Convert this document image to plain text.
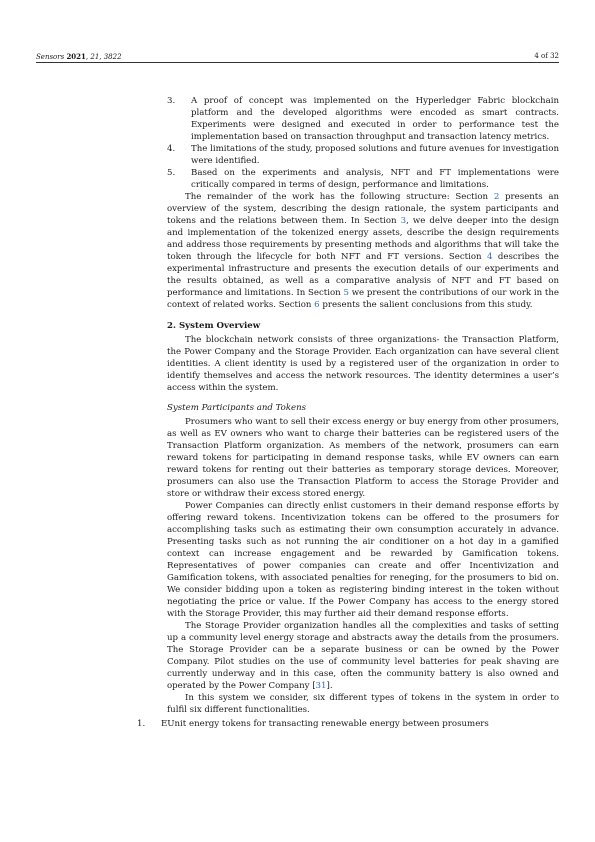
Sensors 2021, 21, 3822	4 of 32
3. A proof of concept was implemented on the Hyperledger Fabric blockchain platform and the developed algorithms were encoded as smart contracts. Experiments were designed and executed in order to performance test the implementation based on transaction throughput and transaction latency metrics.

4. The limitations of the study, proposed solutions and future avenues for investigation were identified.

5. Based on the experiments and analysis, NFT and FT implementations were critically compared in terms of design, performance and limitations.

The remainder of the work has the following structure: Section 2 presents an overview of the system, describing the design rationale, the system participants and tokens and the relations between them. In Section 3, we delve deeper into the design and implementation of the tokenized energy assets, describe the design requirements and address those requirements by presenting methods and algorithms that will take the token through the lifecycle for both NFT and FT versions. Section 4 describes the experimental infrastructure and presents the execution details of our experiments and the results obtained, as well as a comparative analysis of NFT and FT based on performance and limitations. In Section 5 we present the contributions of our work in the context of related works. Section 6 presents the salient conclusions from this study.

2. System Overview

The blockchain network consists of three organizations- the Transaction Platform, the Power Company and the Storage Provider. Each organization can have several client identities. A client identity is used by a registered user of the organization in order to identify themselves and access the network resources. The identity determines a user’s access within the system.

System Participants and Tokens

Prosumers who want to sell their excess energy or buy energy from other prosumers, as well as EV owners who want to charge their batteries can be registered users of the Transaction Platform organization. As members of the network, prosumers can earn reward tokens for participating in demand response tasks, while EV owners can earn reward tokens for renting out their batteries as temporary storage devices. Moreover, prosumers can also use the Transaction Platform to access the Storage Provider and store or withdraw their excess stored energy.

Power Companies can directly enlist customers in their demand response efforts by offering reward tokens. Incentivization tokens can be offered to the prosumers for accomplishing tasks such as estimating their own consumption accurately in advance. Presenting tasks such as not running the air conditioner on a hot day in a gamified context can increase engagement and be rewarded by Gamification tokens. Representatives of power companies can create and offer Incentivization and Gamification tokens, with associated penalties for reneging, for the prosumers to bid on. We consider bidding upon a token as registering binding interest in the token without negotiating the price or value. If the Power Company has access to the energy stored with the Storage Provider, this may further aid their demand response efforts.

The Storage Provider organization handles all the complexities and tasks of setting up a community level energy storage and abstracts away the details from the prosumers. The Storage Provider can be a separate business or can be owned by the Power Company. Pilot studies on the use of community level batteries for peak shaving are currently underway and in this case, often the community battery is also owned and operated by the Power Company [31].

In this system we consider, six different types of tokens in the system in order to fulfil six different functionalities.

1. EUnit energy tokens for transacting renewable energy between prosumers
